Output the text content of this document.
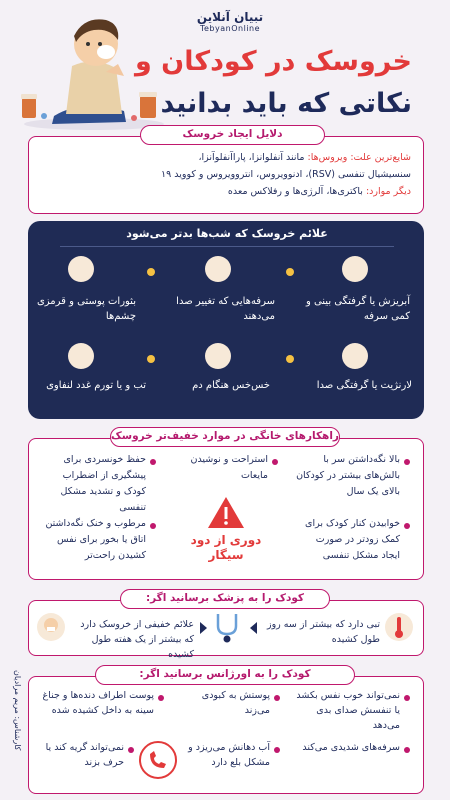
تبیان آنلاین
TebyanOnline
خروسک در کودکان و
نکاتی که باید بدانید
شایع‌ترین علت: ویروس‌ها: مانند آنفلوانزا، پاراآنفلوآنزا،
سنسیشیال تنفسی (RSV)، ادنوویروس، انتروویروس و کووید ۱۹
دیگر موارد: باکتری‌ها، آلرژی‌ها و رفلاکس معده
دلایل ایجاد خروسک
کارشناس: مریم مرادیان
علائم خروسک که شب‌ها بدتر می‌شود
آبریزش یا گرفتگی بینی و کمی سرفه
سرفه‌هایی که تغییر صدا می‌دهند
بثورات پوستی و قرمزی چشم‌ها
لارنژیت یا گرفتگی صدا
خس‌خس هنگام دم
تب و یا تورم غدد لنفاوی
راهکارهای خانگی در موارد خفیف‌تر خروسک
بالا نگه‌داشتن سر با بالش‌های بیشتر در کودکان بالای یک سال
استراحت و نوشیدن مایعات
حفظ خونسردی برای پیشگیری از اضطراب کودک و تشدید مشکل تنفسی
خوابیدن کنار کودک برای کمک زودتر در صورت ایجاد مشکل تنفسی
مرطوب و خنک نگه‌داشتن اتاق یا بخور برای نفس کشیدن راحت‌تر
دوری از دود سیگار
کودک را به پزشک برسانید اگر:
تبی دارد که بیشتر از سه روز طول کشیده
علائم خفیفی از خروسک دارد که بیشتر از یک هفته طول کشیده
کودک را به اورژانس برسانید اگر:
نمی‌تواند خوب نفس بکشد یا تنفسش صدای بدی می‌دهد
پوستش به کبودی می‌زند
پوست اطراف دنده‌ها و جناغ سینه به داخل کشیده شده
سرفه‌های شدیدی می‌کند
آب دهانش می‌ریزد و مشکل بلع دارد
نمی‌تواند گریه کند یا حرف بزند
